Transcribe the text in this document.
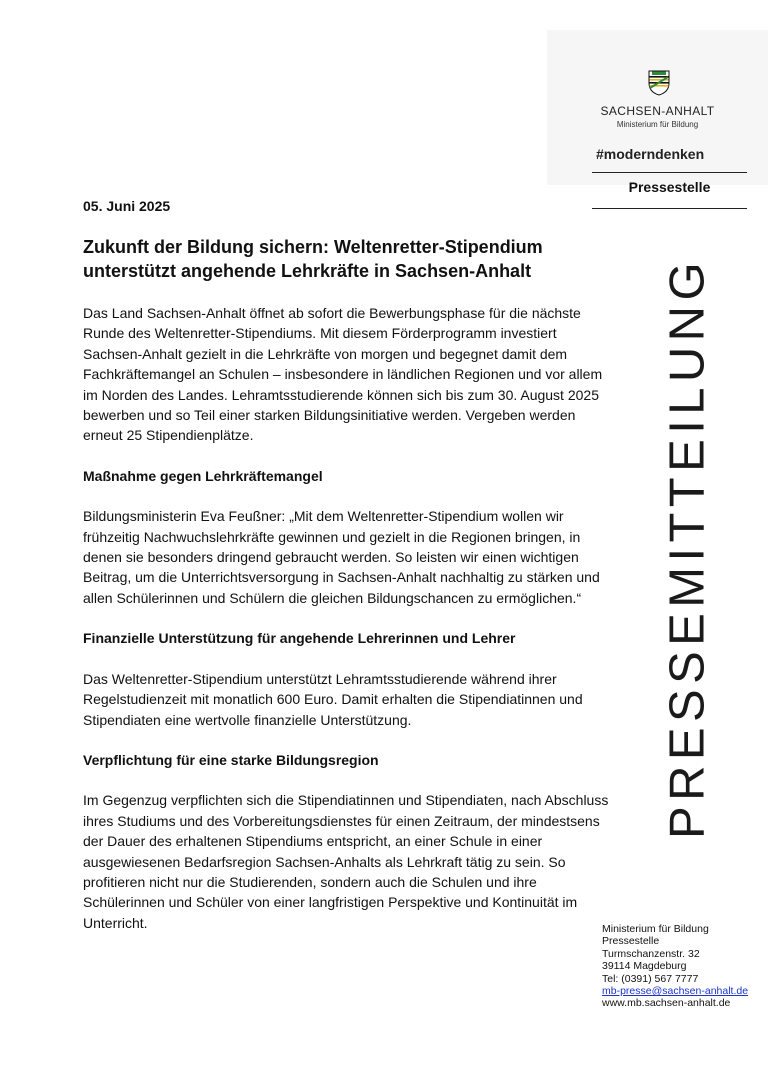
SACHSEN-ANHALT
Ministerium für Bildung
#moderndenken
Pressestelle
PRESSEMITTEILUNG
05. Juni 2025
Zukunft der Bildung sichern: Weltenretter-Stipendium unterstützt angehende Lehrkräfte in Sachsen-Anhalt

Das Land Sachsen-Anhalt öffnet ab sofort die Bewerbungsphase für die nächste Runde des Weltenretter-Stipendiums. Mit diesem Förderprogramm investiert Sachsen-Anhalt gezielt in die Lehrkräfte von morgen und begegnet damit dem Fachkräftemangel an Schulen – insbesondere in ländlichen Regionen und vor allem im Norden des Landes. Lehramtsstudierende können sich bis zum 30. August 2025 bewerben und so Teil einer starken Bildungsinitiative werden. Vergeben werden erneut 25 Stipendienplätze.

Maßnahme gegen Lehrkräftemangel

Bildungsministerin Eva Feußner: „Mit dem Weltenretter-Stipendium wollen wir frühzeitig Nachwuchslehrkräfte gewinnen und gezielt in die Regionen bringen, in denen sie besonders dringend gebraucht werden. So leisten wir einen wichtigen Beitrag, um die Unterrichtsversorgung in Sachsen-Anhalt nachhaltig zu stärken und allen Schülerinnen und Schülern die gleichen Bildungschancen zu ermöglichen.“

Finanzielle Unterstützung für angehende Lehrerinnen und Lehrer

Das Weltenretter-Stipendium unterstützt Lehramtsstudierende während ihrer Regelstudienzeit mit monatlich 600 Euro. Damit erhalten die Stipendiatinnen und Stipendiaten eine wertvolle finanzielle Unterstützung.

Verpflichtung für eine starke Bildungsregion

Im Gegenzug verpflichten sich die Stipendiatinnen und Stipendiaten, nach Abschluss ihres Studiums und des Vorbereitungsdienstes für einen Zeitraum, der mindestsens der Dauer des erhaltenen Stipendiums entspricht, an einer Schule in einer ausgewiesenen Bedarfsregion Sachsen-Anhalts als Lehrkraft tätig zu sein. So profitieren nicht nur die Studierenden, sondern auch die Schulen und ihre Schülerinnen und Schüler von einer langfristigen Perspektive und Kontinuität im Unterricht.	Ministerium für Bildung
Pressestelle
Turmschanzenstr. 32
39114 Magdeburg
Tel: (0391) 567 7777
mb-presse@sachsen-anhalt.de
www.mb.sachsen-anhalt.de
